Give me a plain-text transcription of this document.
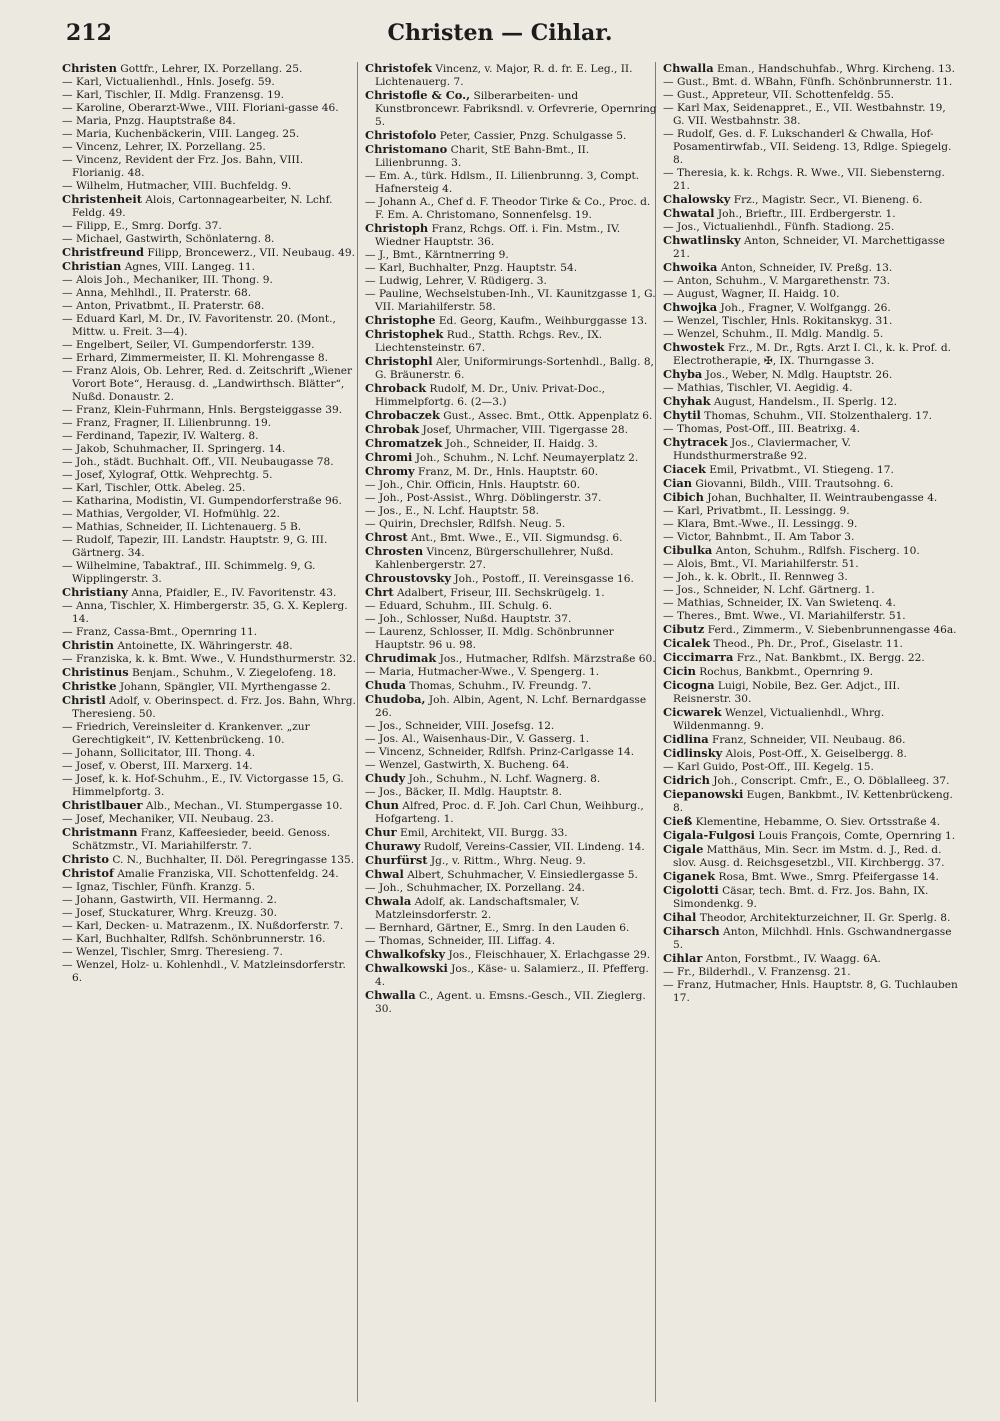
212	Christen — Cihlar.

Christen Gottfr., Lehrer, IX. Porzellang. 25.

— Karl, Victualienhdl., Hnls. Josefg. 59.

— Karl, Tischler, II. Mdlg. Franzensg. 19.

— Karoline, Oberarzt-Wwe., VIII. Floriani-gasse 46.

— Maria, Pnzg. Hauptstraße 84.

— Maria, Kuchenbäckerin, VIII. Langeg. 25.

— Vincenz, Lehrer, IX. Porzellang. 25.

— Vincenz, Revident der Frz. Jos. Bahn, VIII. Florianig. 48.

— Wilhelm, Hutmacher, VIII. Buchfeldg. 9.

Christenheit Alois, Cartonnagearbeiter, N. Lchf. Feldg. 49.

— Filipp, E., Smrg. Dorfg. 37.

— Michael, Gastwirth, Schönlaterng. 8.

Christfreund Filipp, Broncewerz., VII. Neubaug. 49.

Christian Agnes, VIII. Langeg. 11.

— Alois Joh., Mechaniker, III. Thong. 9.

— Anna, Mehlhdl., II. Praterstr. 68.

— Anton, Privatbmt., II. Praterstr. 68.

— Eduard Karl, M. Dr., IV. Favoritenstr. 20. (Mont., Mittw. u. Freit. 3—4).

— Engelbert, Seiler, VI. Gumpendorferstr. 139.

— Erhard, Zimmermeister, II. Kl. Mohrengasse 8.

— Franz Alois, Ob. Lehrer, Red. d. Zeitschrift „Wiener Vorort Bote“, Herausg. d. „Landwirthsch. Blätter“, Nußd. Donaustr. 2.

— Franz, Klein-Fuhrmann, Hnls. Bergsteiggasse 39.

— Franz, Fragner, II. Lilienbrunng. 19.

— Ferdinand, Tapezir, IV. Walterg. 8.

— Jakob, Schuhmacher, II. Springerg. 14.

— Joh., städt. Buchhalt. Off., VII. Neubaugasse 78.

— Josef, Xylograf, Ottk. Wehprechtg. 5.

— Karl, Tischler, Ottk. Abeleg. 25.

— Katharina, Modistin, VI. Gumpendorferstraße 96.

— Mathias, Vergolder, VI. Hofmühlg. 22.

— Mathias, Schneider, II. Lichtenauerg. 5 B.

— Rudolf, Tapezir, III. Landstr. Hauptstr. 9, G. III. Gärtnerg. 34.

— Wilhelmine, Tabaktraf., III. Schimmelg. 9, G. Wipplingerstr. 3.

Christiany Anna, Pfaidler, E., IV. Favoritenstr. 43.

— Anna, Tischler, X. Himbergerstr. 35, G. X. Keplerg. 14.

— Franz, Cassa-Bmt., Opernring 11.

Christin Antoinette, IX. Währingerstr. 48.

— Franziska, k. k. Bmt. Wwe., V. Hundsthurmerstr. 32.

Christinus Benjam., Schuhm., V. Ziegelofeng. 18.

Christke Johann, Spängler, VII. Myrthengasse 2.

Christl Adolf, v. Oberinspect. d. Frz. Jos. Bahn, Whrg. Theresieng. 50.

— Friedrich, Vereinsleiter d. Krankenver. „zur Gerechtigkeit“, IV. Kettenbrückeng. 10.

— Johann, Sollicitator, III. Thong. 4.

— Josef, v. Oberst, III. Marxerg. 14.

— Josef, k. k. Hof-Schuhm., E., IV. Victorgasse 15, G. Himmelpfortg. 3.

Christlbauer Alb., Mechan., VI. Stumpergasse 10.

— Josef, Mechaniker, VII. Neubaug. 23.

Christmann Franz, Kaffeesieder, beeid. Genoss. Schätzmstr., VI. Mariahilferstr. 7.

Christo C. N., Buchhalter, II. Döl. Peregringasse 135.

Christof Amalie Franziska, VII. Schottenfeldg. 24.

— Ignaz, Tischler, Fünfh. Kranzg. 5.

— Johann, Gastwirth, VII. Hermanng. 2.

— Josef, Stuckaturer, Whrg. Kreuzg. 30.

— Karl, Decken- u. Matrazenm., IX. Nußdorferstr. 7.

— Karl, Buchhalter, Rdlfsh. Schönbrunnerstr. 16.

— Wenzel, Tischler, Smrg. Theresieng. 7.

— Wenzel, Holz- u. Kohlenhdl., V. Matzleinsdorferstr. 6.

Christofek Vincenz, v. Major, R. d. fr. E. Leg., II. Lichtenauerg. 7.

Christofle & Co., Silberarbeiten- und Kunstbroncewr. Fabriksndl. v. Orfevrerie, Opernring 5.

Christofolo Peter, Cassier, Pnzg. Schulgasse 5.

Christomano Charit, StE Bahn-Bmt., II. Lilienbrunng. 3.

— Em. A., türk. Hdlsm., II. Lilienbrunng. 3, Compt. Hafnersteig 4.

— Johann A., Chef d. F. Theodor Tirke & Co., Proc. d. F. Em. A. Christomano, Sonnenfelsg. 19.

Christoph Franz, Rchgs. Off. i. Fin. Mstm., IV. Wiedner Hauptstr. 36.

— J., Bmt., Kärntnerring 9.

— Karl, Buchhalter, Pnzg. Hauptstr. 54.

— Ludwig, Lehrer, V. Rüdigerg. 3.

— Pauline, Wechselstuben-Inh., VI. Kaunitzgasse 1, G. VII. Mariahilferstr. 58.

Christophe Ed. Georg, Kaufm., Weihburggasse 13.

Christophek Rud., Statth. Rchgs. Rev., IX. Liechtensteinstr. 67.

Christophl Aler, Uniformirungs-Sortenhdl., Ballg. 8, G. Bräunerstr. 6.

Chroback Rudolf, M. Dr., Univ. Privat-Doc., Himmelpfortg. 6. (2—3.)

Chrobaczek Gust., Assec. Bmt., Ottk. Appenplatz 6.

Chrobak Josef, Uhrmacher, VIII. Tigergasse 28.

Chromatzek Joh., Schneider, II. Haidg. 3.

Chromi Joh., Schuhm., N. Lchf. Neumayerplatz 2.

Chromy Franz, M. Dr., Hnls. Hauptstr. 60.

— Joh., Chir. Officin, Hnls. Hauptstr. 60.

— Joh., Post-Assist., Whrg. Döblingerstr. 37.

— Jos., E., N. Lchf. Hauptstr. 58.

— Quirin, Drechsler, Rdlfsh. Neug. 5.

Chrost Ant., Bmt. Wwe., E., VII. Sigmundsg. 6.

Chrosten Vincenz, Bürgerschullehrer, Nußd. Kahlenbergerstr. 27.

Chroustovsky Joh., Postoff., II. Vereinsgasse 16.

Chrt Adalbert, Friseur, III. Sechskrügelg. 1.

— Eduard, Schuhm., III. Schulg. 6.

— Joh., Schlosser, Nußd. Hauptstr. 37.

— Laurenz, Schlosser, II. Mdlg. Schönbrunner Hauptstr. 96 u. 98.

Chrudimak Jos., Hutmacher, Rdlfsh. Märzstraße 60.

— Maria, Hutmacher-Wwe., V. Spengerg. 1.

Chuda Thomas, Schuhm., IV. Freundg. 7.

Chudoba, Joh. Albin, Agent, N. Lchf. Bernardgasse 26.

— Jos., Schneider, VIII. Josefsg. 12.

— Jos. Al., Waisenhaus-Dir., V. Gasserg. 1.

— Vincenz, Schneider, Rdlfsh. Prinz-Carlgasse 14.

— Wenzel, Gastwirth, X. Bucheng. 64.

Chudy Joh., Schuhm., N. Lchf. Wagnerg. 8.

— Jos., Bäcker, II. Mdlg. Hauptstr. 8.

Chun Alfred, Proc. d. F. Joh. Carl Chun, Weihburg., Hofgarteng. 1.

Chur Emil, Architekt, VII. Burgg. 33.

Churawy Rudolf, Vereins-Cassier, VII. Lindeng. 14.

Churfürst Jg., v. Rittm., Whrg. Neug. 9.

Chwal Albert, Schuhmacher, V. Einsiedlergasse 5.

— Joh., Schuhmacher, IX. Porzellang. 24.

Chwala Adolf, ak. Landschaftsmaler, V. Matzleinsdorferstr. 2.

— Bernhard, Gärtner, E., Smrg. In den Lauden 6.

— Thomas, Schneider, III. Liffag. 4.

Chwalkofsky Jos., Fleischhauer, X. Erlachgasse 29.

Chwalkowski Jos., Käse- u. Salamierz., II. Pfefferg. 4.

Chwalla C., Agent. u. Emsns.-Gesch., VII. Zieglerg. 30.

Chwalla Eman., Handschuhfab., Whrg. Kircheng. 13.

— Gust., Bmt. d. WBahn, Fünfh. Schönbrunnerstr. 11.

— Gust., Appreteur, VII. Schottenfeldg. 55.

— Karl Max, Seidenappret., E., VII. Westbahnstr. 19, G. VII. Westbahnstr. 38.

— Rudolf, Ges. d. F. Lukschanderl & Chwalla, Hof-Posamentirwfab., VII. Seideng. 13, Rdlge. Spiegelg. 8.

— Theresia, k. k. Rchgs. R. Wwe., VII. Siebensterng. 21.

Chalowsky Frz., Magistr. Secr., VI. Bieneng. 6.

Chwatal Joh., Brieftr., III. Erdbergerstr. 1.

— Jos., Victualienhdl., Fünfh. Stadiong. 25.

Chwatlinsky Anton, Schneider, VI. Marchettigasse 21.

Chwoika Anton, Schneider, IV. Preßg. 13.

— Anton, Schuhm., V. Margarethenstr. 73.

— August, Wagner, II. Haidg. 10.

Chwojka Joh., Fragner, V. Wolfgangg. 26.

— Wenzel, Tischler, Hnls. Rokitanskyg. 31.

— Wenzel, Schuhm., II. Mdlg. Mandlg. 5.

Chwostek Frz., M. Dr., Rgts. Arzt I. Cl., k. k. Prof. d. Electrotherapie, ✠, IX. Thurngasse 3.

Chyba Jos., Weber, N. Mdlg. Hauptstr. 26.

— Mathias, Tischler, VI. Aegidig. 4.

Chyhak August, Handelsm., II. Sperlg. 12.

Chytil Thomas, Schuhm., VII. Stolzenthalerg. 17.

— Thomas, Post-Off., III. Beatrixg. 4.

Chytracek Jos., Claviermacher, V. Hundsthurmerstraße 92.

Ciacek Emil, Privatbmt., VI. Stiegeng. 17.

Cian Giovanni, Bildh., VIII. Trautsohng. 6.

Cibich Johan, Buchhalter, II. Weintraubengasse 4.

— Karl, Privatbmt., II. Lessingg. 9.

— Klara, Bmt.-Wwe., II. Lessingg. 9.

— Victor, Bahnbmt., II. Am Tabor 3.

Cibulka Anton, Schuhm., Rdlfsh. Fischerg. 10.

— Alois, Bmt., VI. Mariahilferstr. 51.

— Joh., k. k. Obrlt., II. Rennweg 3.

— Jos., Schneider, N. Lchf. Gärtnerg. 1.

— Mathias, Schneider, IX. Van Swietenq. 4.

— Theres., Bmt. Wwe., VI. Mariahilferstr. 51.

Cibutz Ferd., Zimmerm., V. Siebenbrunnengasse 46a.

Cicalek Theod., Ph. Dr., Prof., Giselastr. 11.

Ciccimarra Frz., Nat. Bankbmt., IX. Bergg. 22.

Cicin Rochus, Bankbmt., Opernring 9.

Cicogna Luigi, Nobile, Bez. Ger. Adjct., III. Reisnerstr. 30.

Cicwarek Wenzel, Victualienhdl., Whrg. Wildenmanng. 9.

Cidlina Franz, Schneider, VII. Neubaug. 86.

Cidlinsky Alois, Post-Off., X. Geiselbergg. 8.

— Karl Guido, Post-Off., III. Kegelg. 15.

Cidrich Joh., Conscript. Cmfr., E., O. Döblalleeg. 37.

Ciepanowski Eugen, Bankbmt., IV. Kettenbrückeng. 8.

Cieß Klementine, Hebamme, O. Siev. Ortsstraße 4.

Cigala-Fulgosi Louis François, Comte, Opernring 1.

Cigale Matthäus, Min. Secr. im Mstm. d. J., Red. d. slov. Ausg. d. Reichsgesetzbl., VII. Kirchbergg. 37.

Ciganek Rosa, Bmt. Wwe., Smrg. Pfeifergasse 14.

Cigolotti Cäsar, tech. Bmt. d. Frz. Jos. Bahn, IX. Simondenkg. 9.

Cihal Theodor, Architekturzeichner, II. Gr. Sperlg. 8.

Ciharsch Anton, Milchhdl. Hnls. Gschwandnergasse 5.

Cihlar Anton, Forstbmt., IV. Waagg. 6A.

— Fr., Bilderhdl., V. Franzensg. 21.

— Franz, Hutmacher, Hnls. Hauptstr. 8, G. Tuchlauben 17.
